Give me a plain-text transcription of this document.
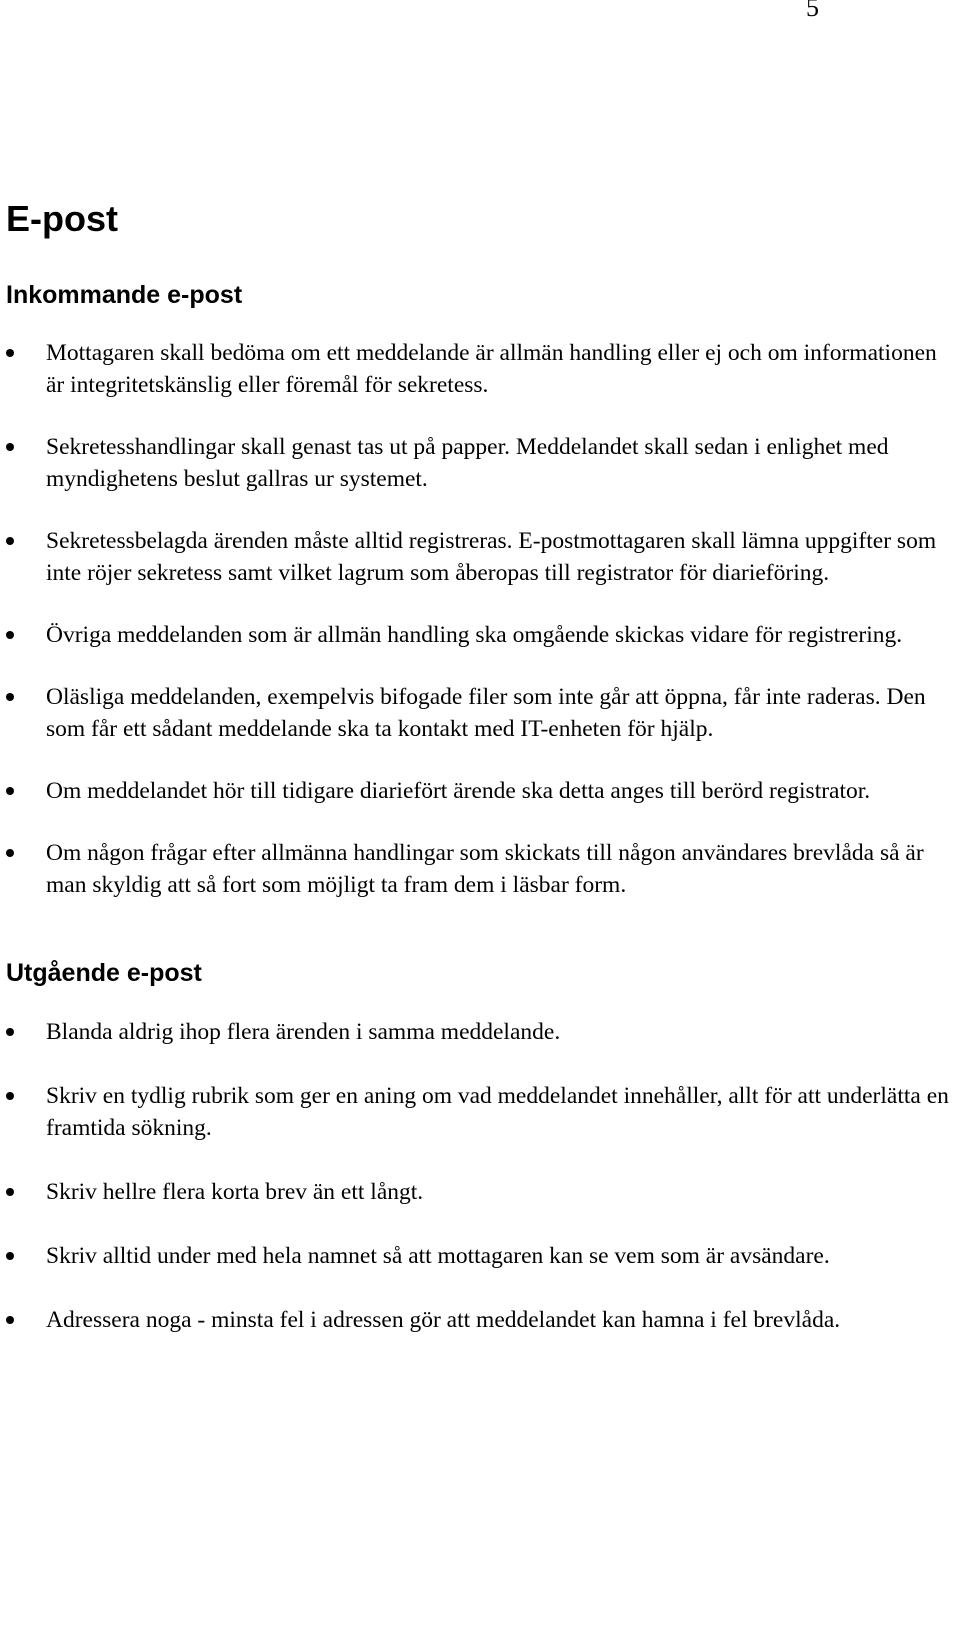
5
E-post
Inkommande e-post
Mottagaren skall bedöma om ett meddelande är allmän handling eller ej och om informationen är integritetskänslig eller föremål för sekretess.
Sekretesshandlingar skall genast tas ut på papper. Meddelandet skall sedan i enlighet med myndighetens beslut gallras ur systemet.
Sekretessbelagda ärenden måste alltid registreras. E-postmottagaren skall lämna uppgifter som inte röjer sekretess samt vilket lagrum som åberopas till registrator för diarieföring.
Övriga meddelanden som är allmän handling ska omgående skickas vidare för registrering.
Oläsliga meddelanden, exempelvis bifogade filer som inte går att öppna, får inte raderas. Den som får ett sådant meddelande ska ta kontakt med IT-enheten för hjälp.
Om meddelandet hör till tidigare diariefört ärende ska detta anges till berörd registrator.
Om någon frågar efter allmänna handlingar som skickats till någon användares brevlåda så är man skyldig att så fort som möjligt ta fram dem i läsbar form.
Utgående e-post
Blanda aldrig ihop flera ärenden i samma meddelande.
Skriv en tydlig rubrik som ger en aning om vad meddelandet innehåller, allt för att underlätta en framtida sökning.
Skriv hellre flera korta brev än ett långt.
Skriv alltid under med hela namnet så att mottagaren kan se vem som är avsändare.
Adressera noga - minsta fel i adressen gör att meddelandet kan hamna i fel brevlåda.
